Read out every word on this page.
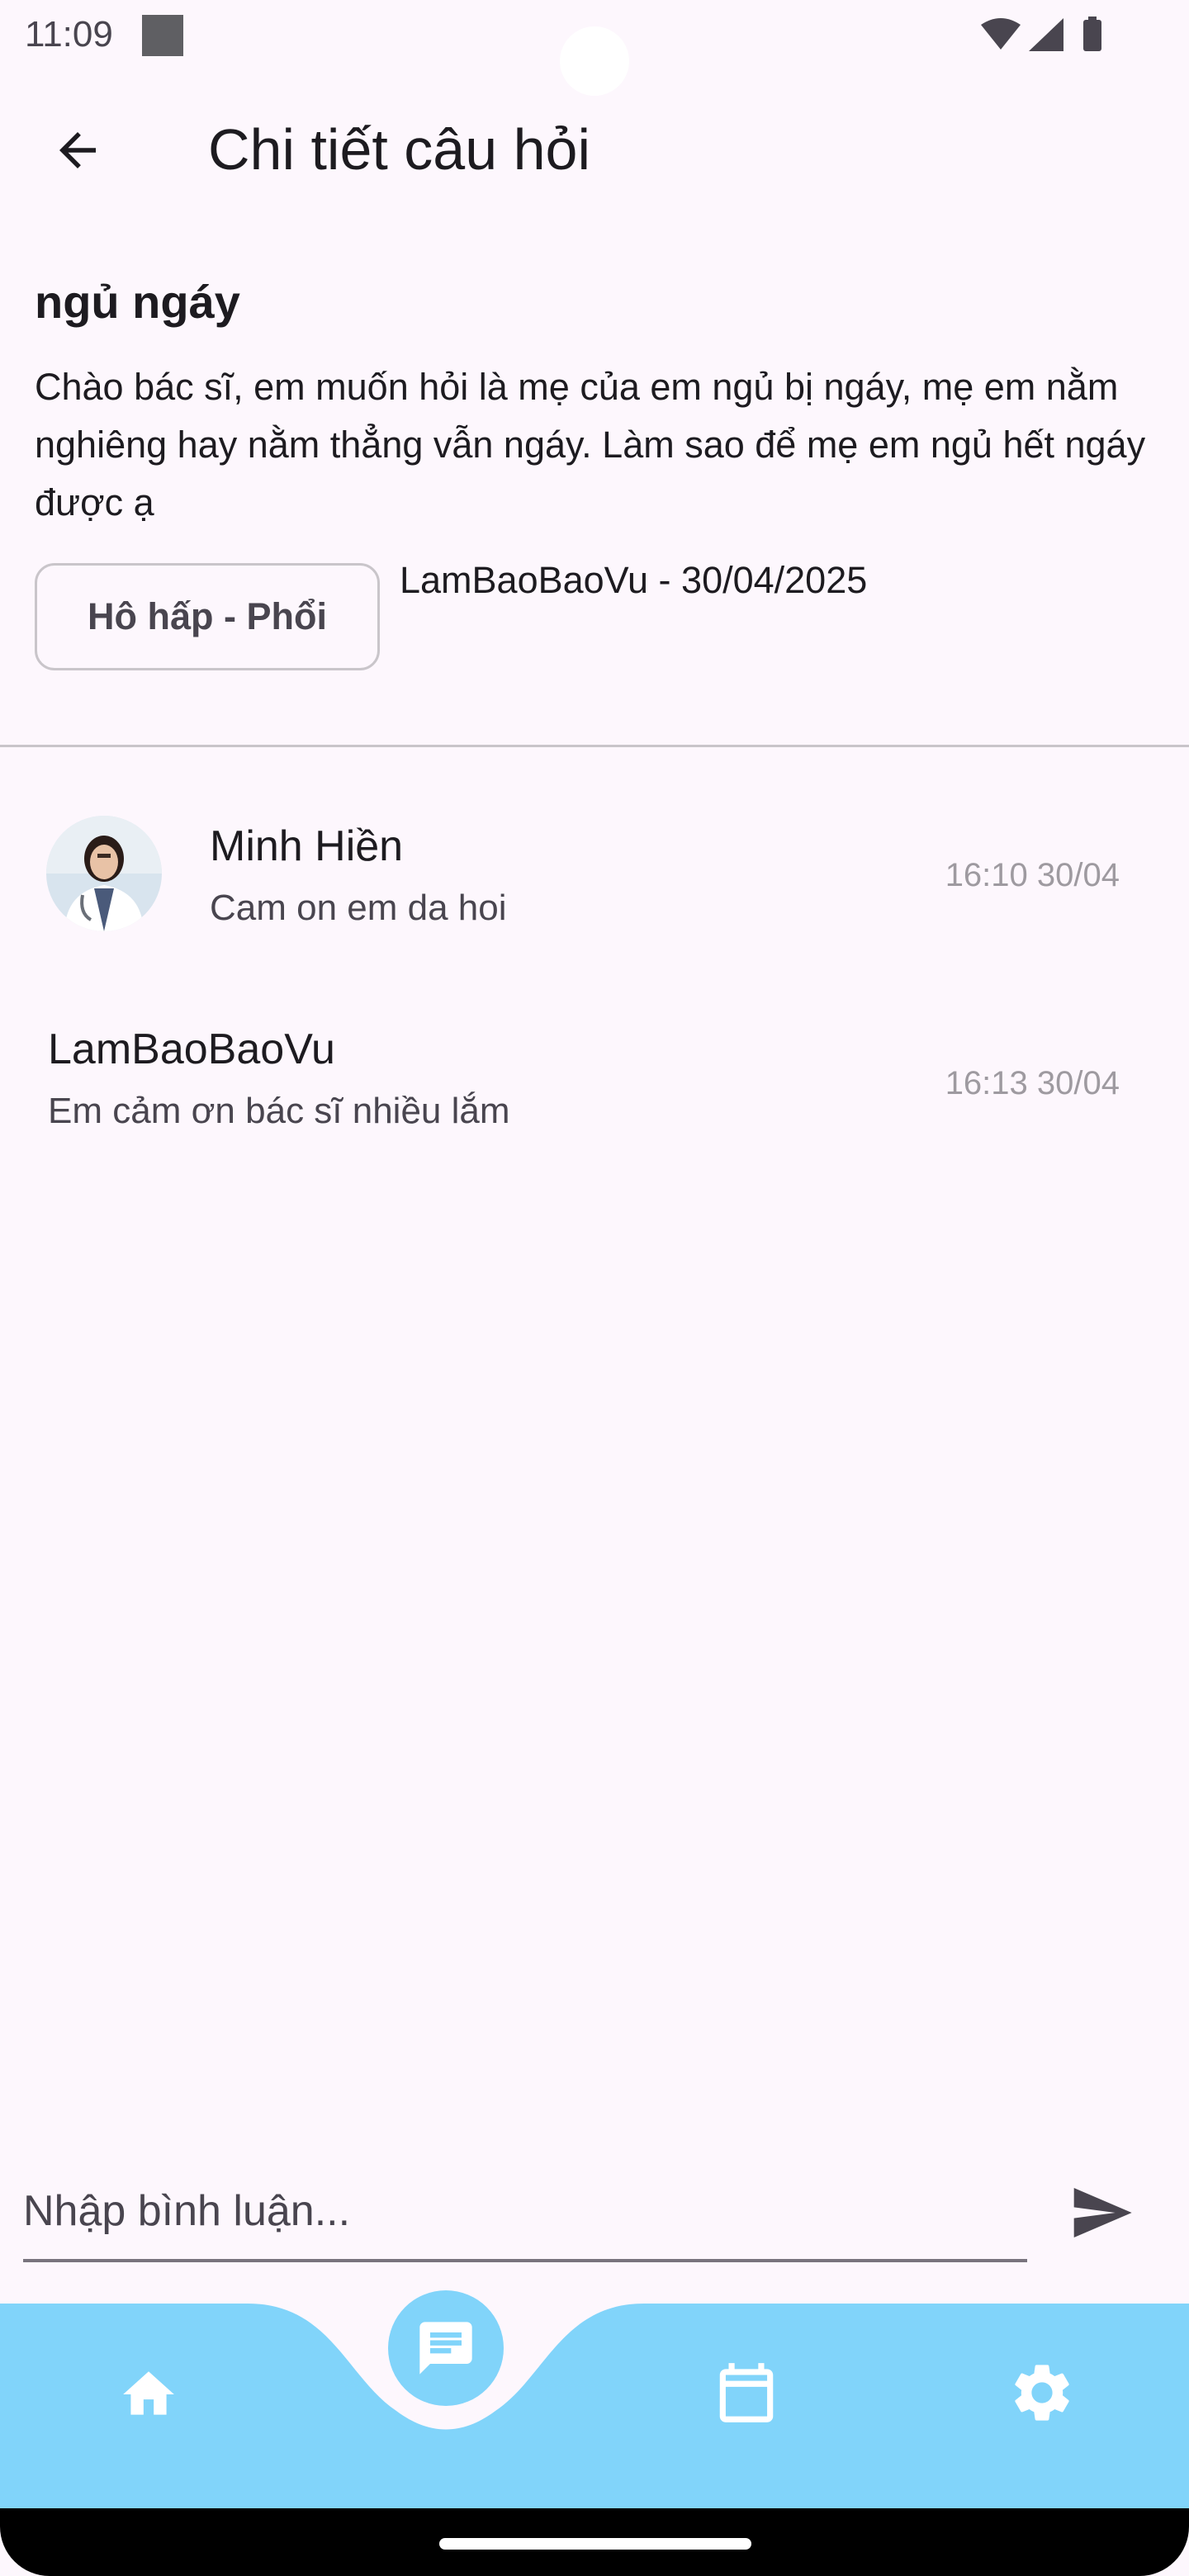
11:09
Chi tiết câu hỏi
ngủ ngáy
Chào bác sĩ, em muốn hỏi là mẹ của em ngủ bị ngáy, mẹ em nằm nghiêng hay nằm thẳng vẫn ngáy. Làm sao để mẹ em ngủ hết ngáy được ạ
Hô hấp - Phổi
LamBaoBaoVu - 30/04/2025
Minh Hiền
Cam on em da hoi
16:10 30/04
LamBaoBaoVu
Em cảm ơn bác sĩ nhiều lắm
16:13 30/04
Nhập bình luận...
